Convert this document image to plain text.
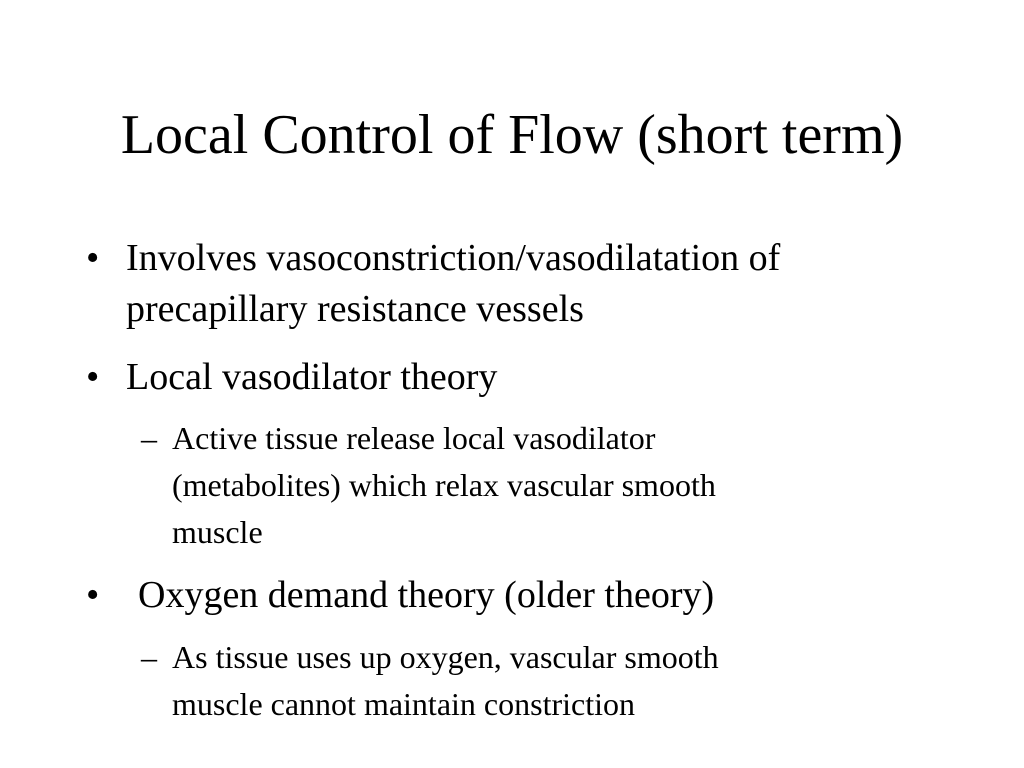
Local Control of Flow (short term)
• Involves vasoconstriction/vasodilatation of
precapillary resistance vessels
• Local vasodilator theory
– Active tissue release local vasodilator
(metabolites) which relax vascular smooth
muscle
•	Oxygen demand theory (older theory)
– As tissue uses up oxygen, vascular smooth
muscle cannot maintain constriction
